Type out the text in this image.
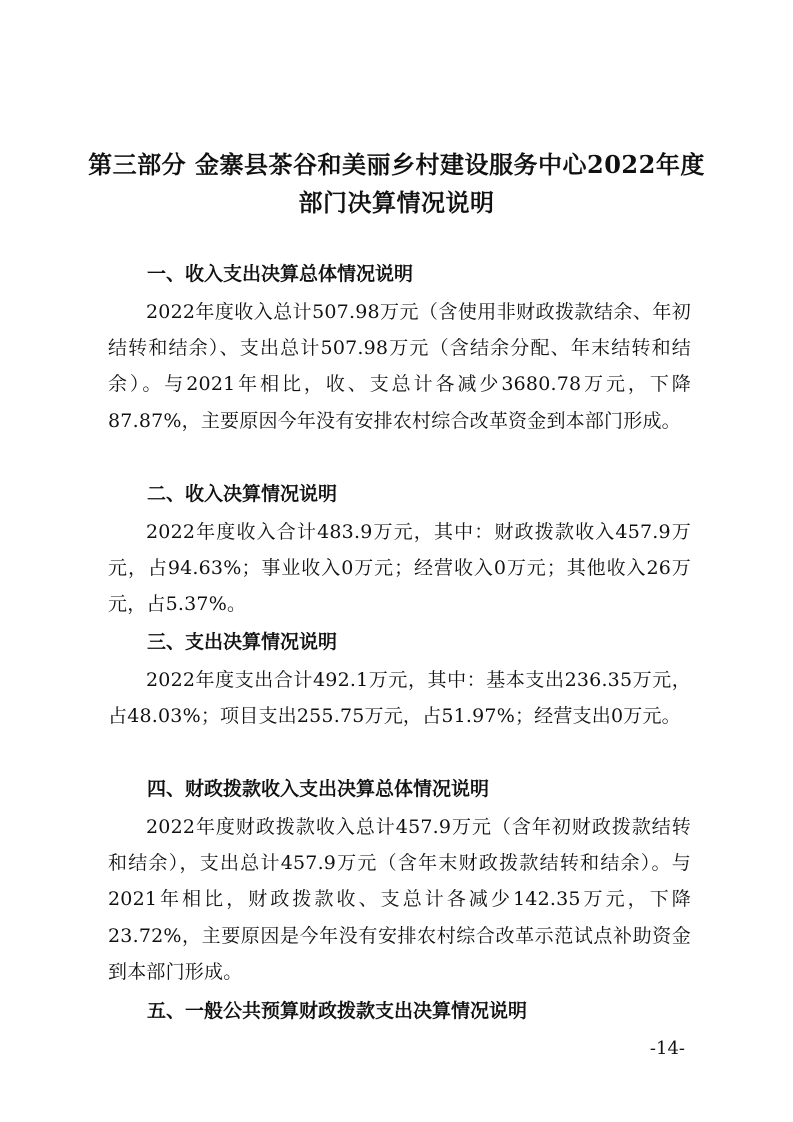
第三部分 金寨县茶谷和美丽乡村建设服务中心2022年度
部门决算情况说明
一、收入支出决算总体情况说明

2022年度收入总计507.98万元（含使用非财政拨款结余、年初结转和结余）、支出总计507.98万元（含结余分配、年末结转和结余）。与2021年相比，收、支总计各减少3680.78万元，下降87.87%，主要原因今年没有安排农村综合改革资金到本部门形成。

二、收入决算情况说明

2022年度收入合计483.9万元，其中：财政拨款收入457.9万元，占94.63%；事业收入0万元；经营收入0万元；其他收入26万元，占5.37%。

三、支出决算情况说明

2022年度支出合计492.1万元，其中：基本支出236.35万元，占48.03%；项目支出255.75万元，占51.97%；经营支出0万元。

四、财政拨款收入支出决算总体情况说明

2022年度财政拨款收入总计457.9万元（含年初财政拨款结转和结余），支出总计457.9万元（含年末财政拨款结转和结余）。与2021年相比，财政拨款收、支总计各减少142.35万元，下降23.72%，主要原因是今年没有安排农村综合改革示范试点补助资金到本部门形成。

五、一般公共预算财政拨款支出决算情况说明
-14-
